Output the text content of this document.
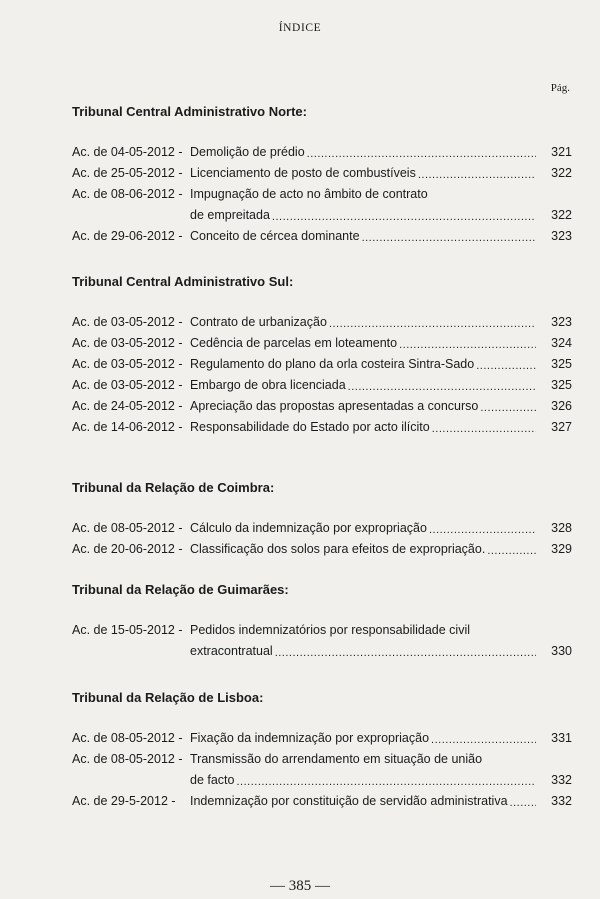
ÍNDICE
Pág.
Tribunal Central Administrativo Norte:
Ac. de 04-05-2012 - Demolição de prédio .....	321
Ac. de 25-05-2012 - Licenciamento de posto de combustíveis .....	322
Ac. de 08-06-2012 - Impugnação de acto no âmbito de contrato
de empreitada .....	322
Ac. de 29-06-2012 - Conceito de cércea dominante .....	323
Tribunal Central Administrativo Sul:
Ac. de 03-05-2012 - Contrato de urbanização .....	323
Ac. de 03-05-2012 - Cedência de parcelas em loteamento .....	324
Ac. de 03-05-2012 - Regulamento do plano da orla costeira Sintra-Sado .....	325
Ac. de 03-05-2012 - Embargo de obra licenciada .....	325
Ac. de 24-05-2012 - Apreciação das propostas apresentadas a concurso .....	326
Ac. de 14-06-2012 - Responsabilidade do Estado por acto ilícito .....	327
Tribunal da Relação de Coimbra:
Ac. de 08-05-2012 - Cálculo da indemnização por expropriação .....	328
Ac. de 20-06-2012 - Classificação dos solos para efeitos de expropriação. .....	329
Tribunal da Relação de Guimarães:
Ac. de 15-05-2012 - Pedidos indemnizatórios por responsabilidade civil
extracontratual .....	330
Tribunal da Relação de Lisboa:
Ac. de 08-05-2012 - Fixação da indemnização por expropriação .....	331
Ac. de 08-05-2012 - Transmissão do arrendamento em situação de união
de facto .....	332
Ac. de 29-5-2012 -	Indemnização por constituição de servidão administrativa .....	332
— 385 —
